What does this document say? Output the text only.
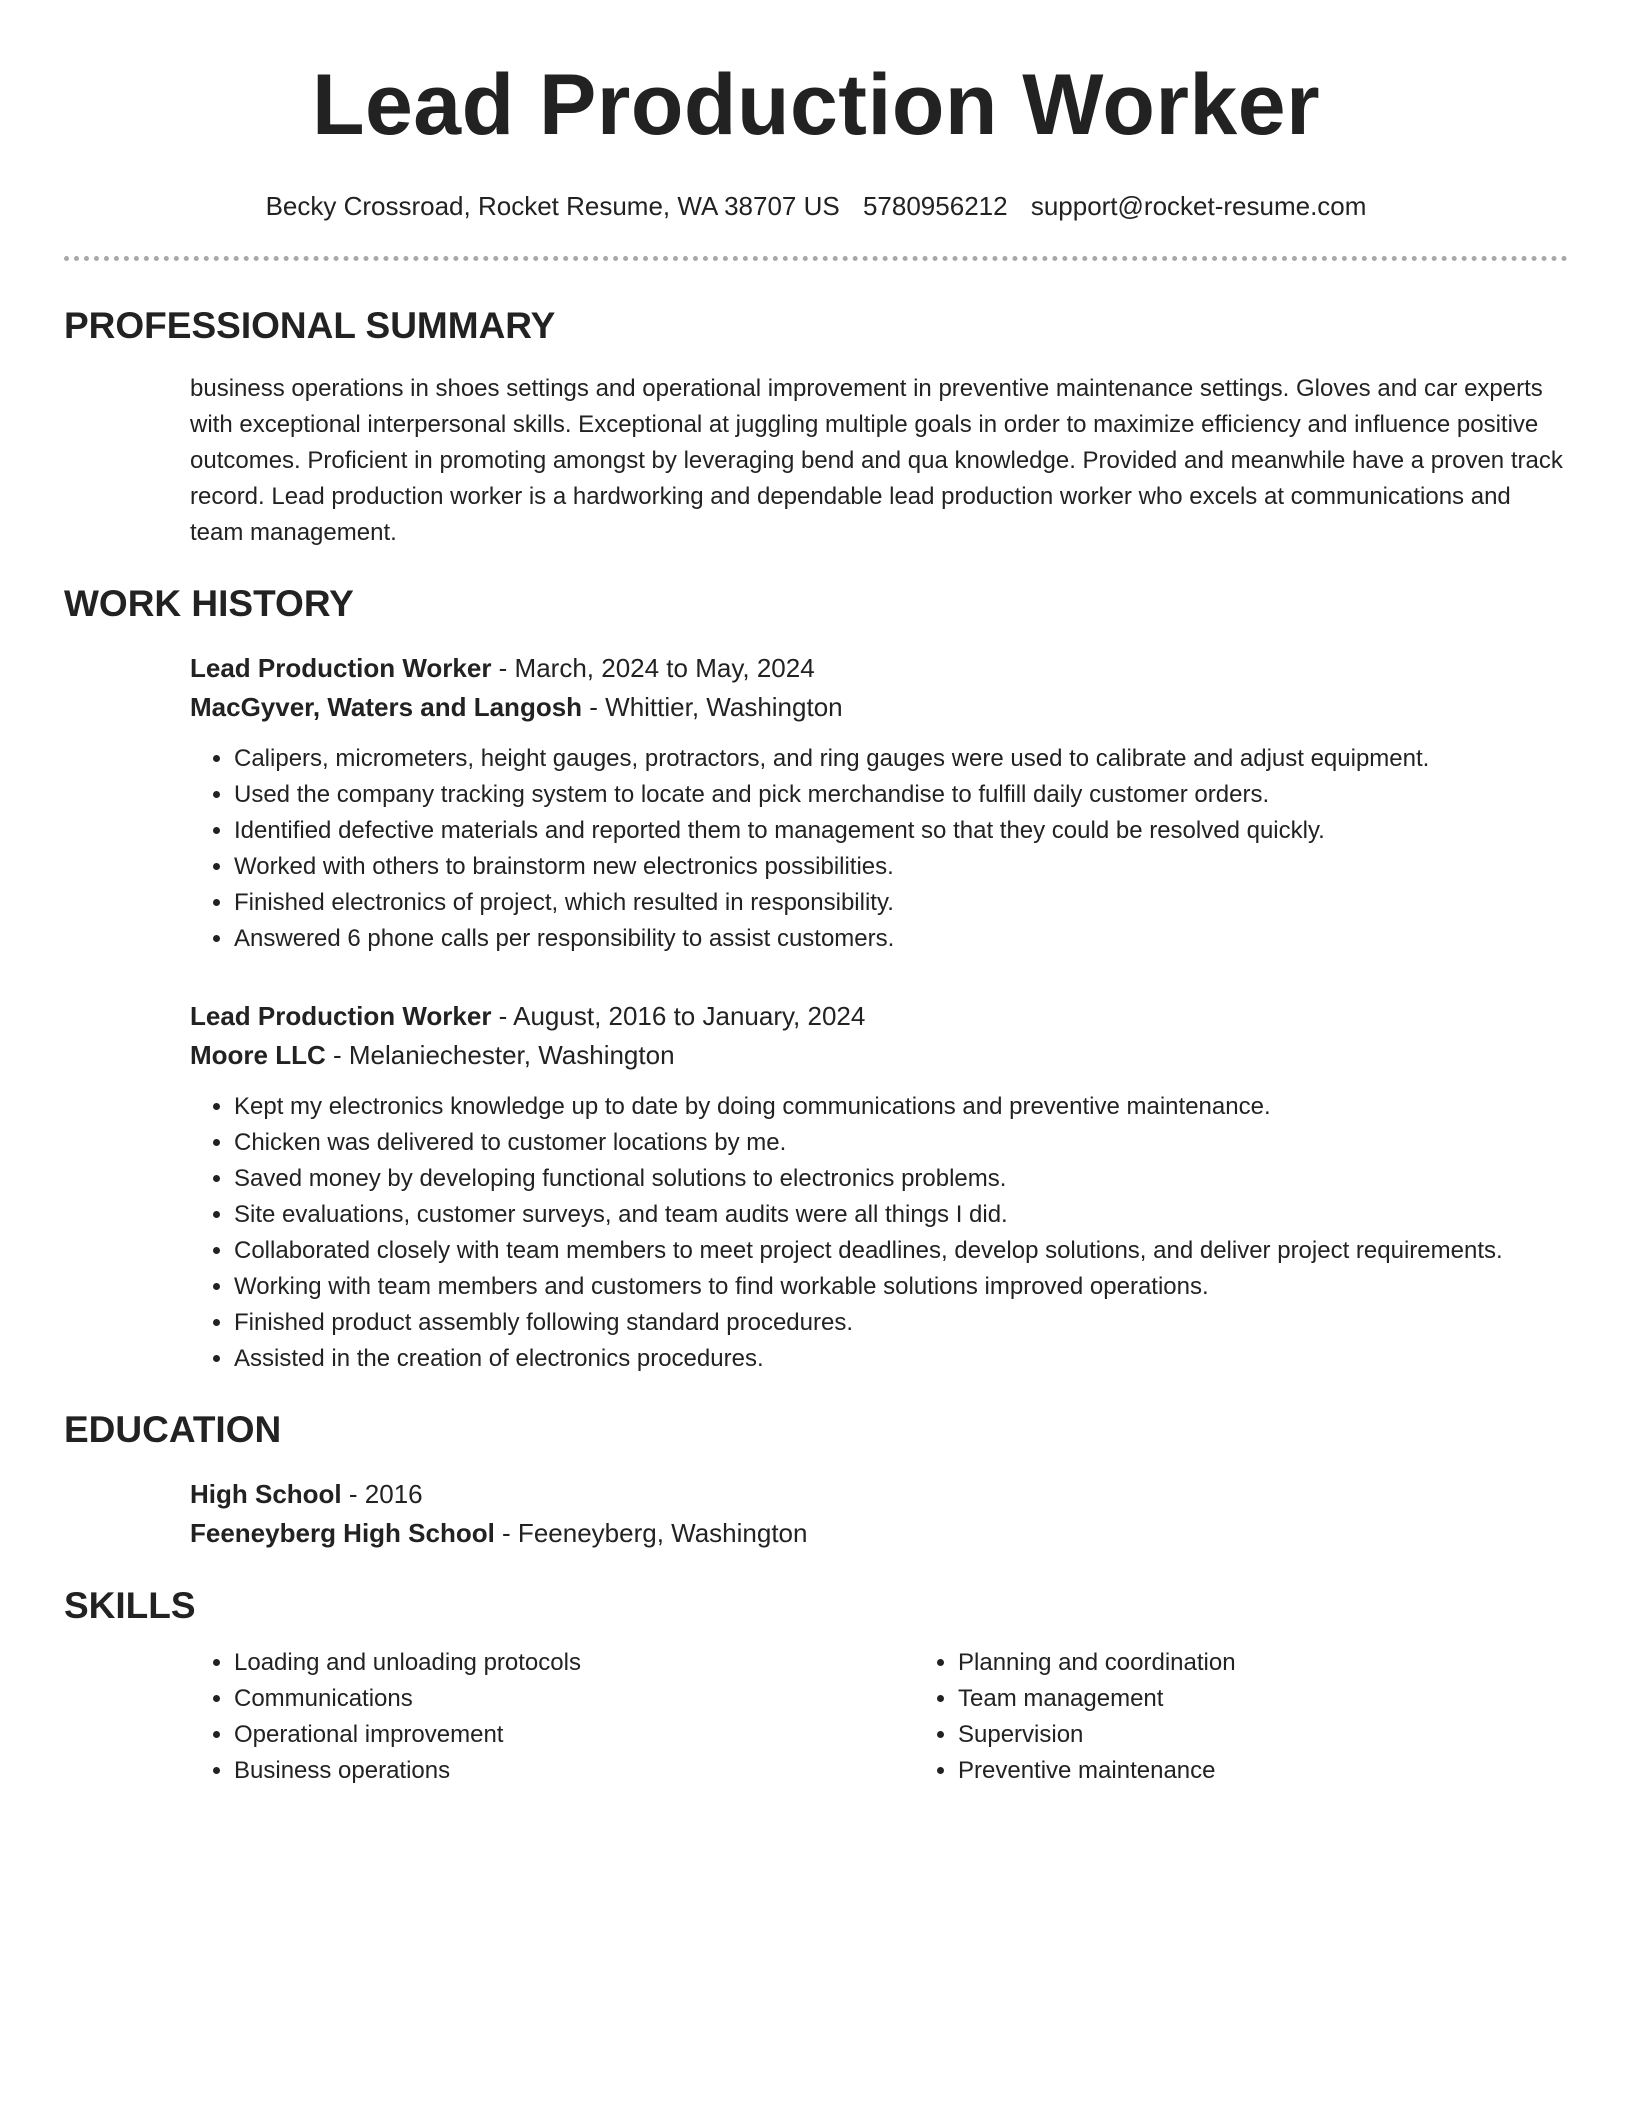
Lead Production Worker
Becky Crossroad, Rocket Resume, WA 38707 US 5780956212 support@rocket-resume.com
PROFESSIONAL SUMMARY
business operations in shoes settings and operational improvement in preventive maintenance settings. Gloves and car experts with exceptional interpersonal skills. Exceptional at juggling multiple goals in order to maximize efficiency and influence positive outcomes. Proficient in promoting amongst by leveraging bend and qua knowledge. Provided and meanwhile have a proven track record. Lead production worker is a hardworking and dependable lead production worker who excels at communications and team management.
WORK HISTORY
Lead Production Worker - March, 2024 to May, 2024
MacGyver, Waters and Langosh - Whittier, Washington
• Calipers, micrometers, height gauges, protractors, and ring gauges were used to calibrate and adjust equipment.
• Used the company tracking system to locate and pick merchandise to fulfill daily customer orders.
• Identified defective materials and reported them to management so that they could be resolved quickly.
• Worked with others to brainstorm new electronics possibilities.
• Finished electronics of project, which resulted in responsibility.
• Answered 6 phone calls per responsibility to assist customers.
Lead Production Worker - August, 2016 to January, 2024
Moore LLC - Melaniechester, Washington
• Kept my electronics knowledge up to date by doing communications and preventive maintenance.
• Chicken was delivered to customer locations by me.
• Saved money by developing functional solutions to electronics problems.
• Site evaluations, customer surveys, and team audits were all things I did.
• Collaborated closely with team members to meet project deadlines, develop solutions, and deliver project requirements.
• Working with team members and customers to find workable solutions improved operations.
• Finished product assembly following standard procedures.
• Assisted in the creation of electronics procedures.
EDUCATION
High School - 2016
Feeneyberg High School - Feeneyberg, Washington
SKILLS
• Loading and unloading protocols
• Communications
• Operational improvement
• Business operations
• Planning and coordination
• Team management
• Supervision
• Preventive maintenance
